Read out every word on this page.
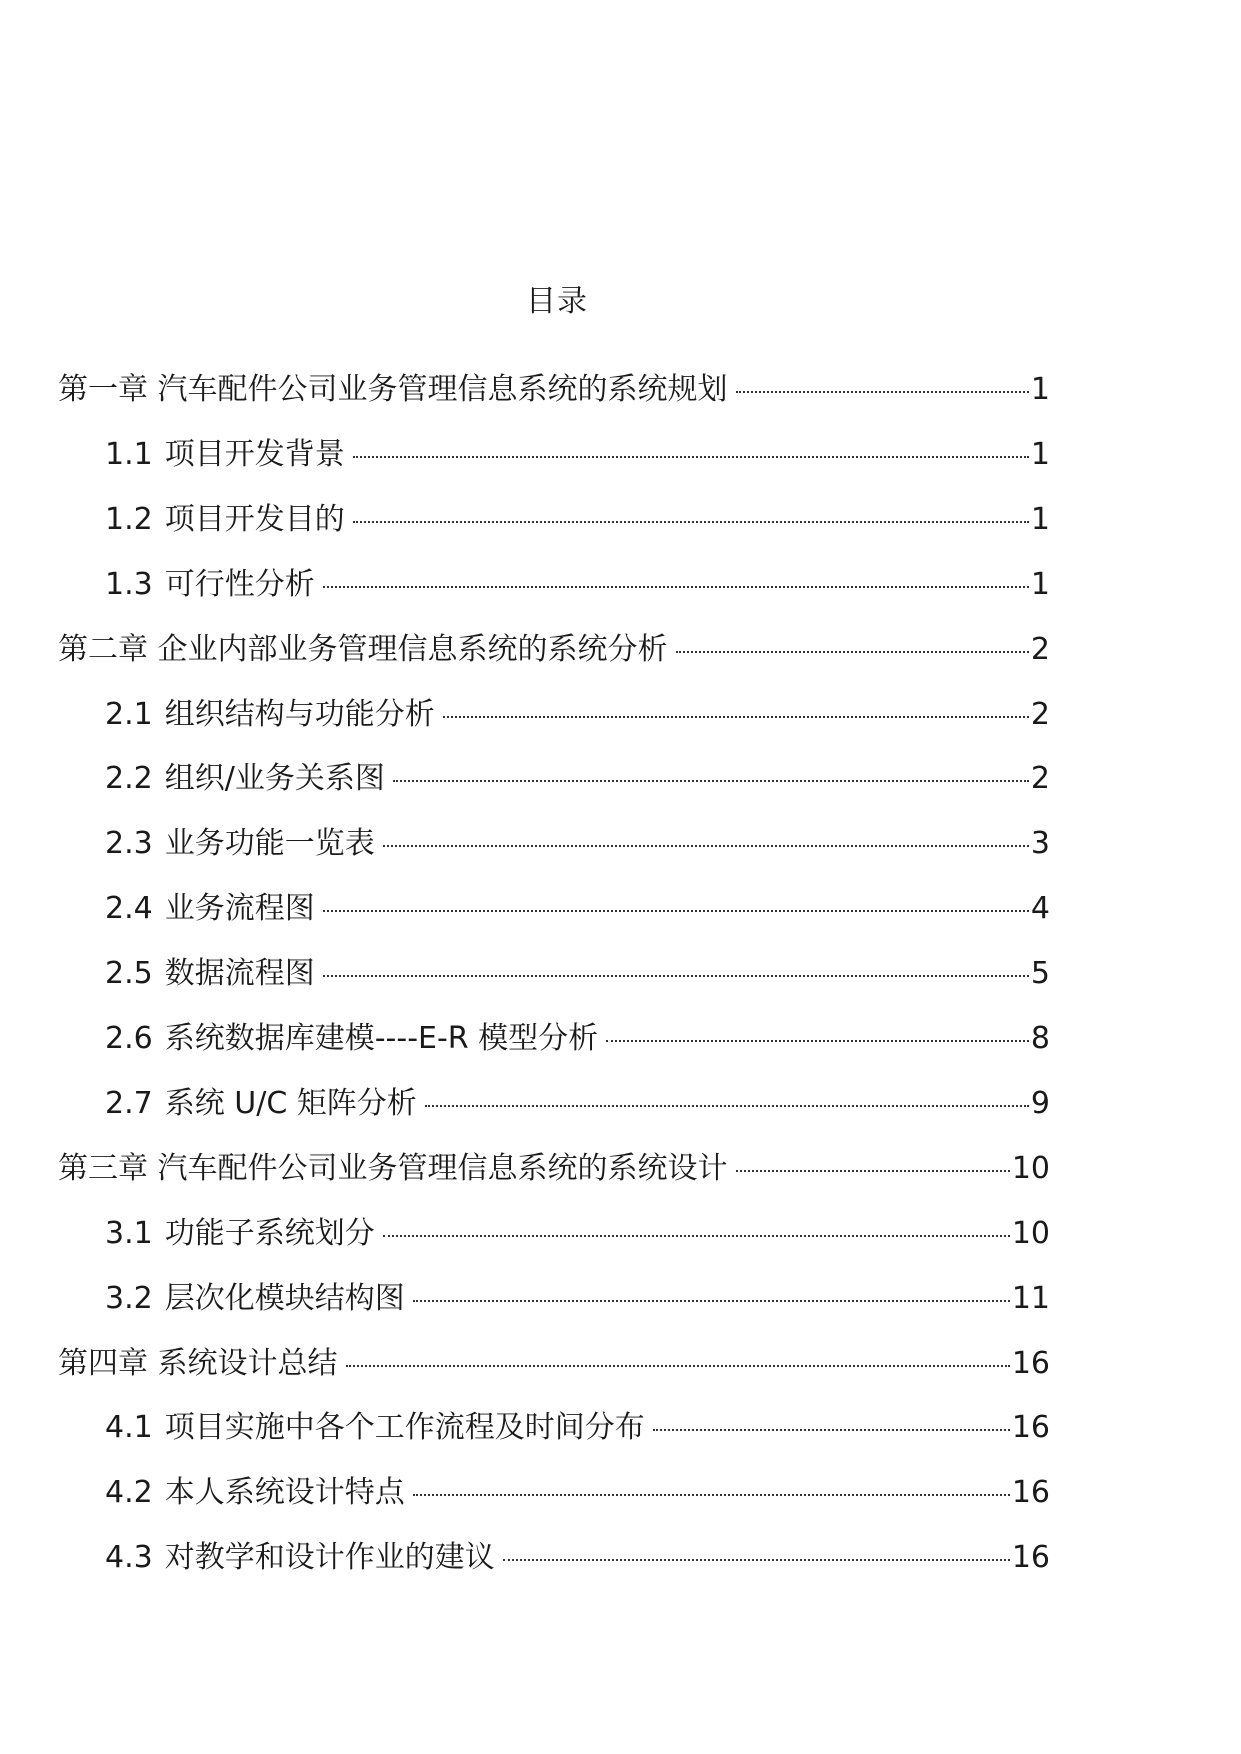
目录
第一章 汽车配件公司业务管理信息系统的系统规划	1
1.1 项目开发背景	1
1.2 项目开发目的	1
1.3 可行性分析	1
第二章 企业内部业务管理信息系统的系统分析	2
2.1 组织结构与功能分析	2
2.2 组织/业务关系图	2
2.3 业务功能一览表	3
2.4 业务流程图	4
2.5 数据流程图	5
2.6 系统数据库建模----E-R 模型分析	8
2.7 系统 U/C 矩阵分析	9
第三章 汽车配件公司业务管理信息系统的系统设计	10
3.1 功能子系统划分	10
3.2 层次化模块结构图	11
第四章 系统设计总结	16
4.1 项目实施中各个工作流程及时间分布	16
4.2 本人系统设计特点	16
4.3 对教学和设计作业的建议	16
